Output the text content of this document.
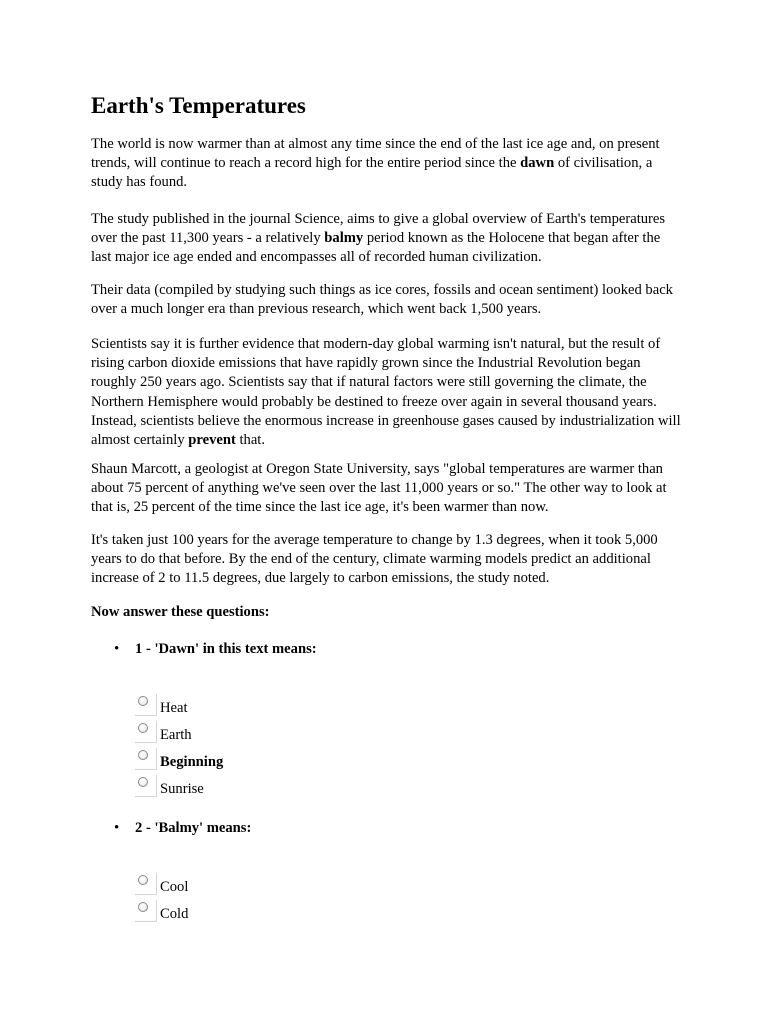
Earth's Temperatures

The world is now warmer than at almost any time since the end of the last ice age and, on present trends, will continue to reach a record high for the entire period since the dawn of civilisation, a study has found.

The study published in the journal Science, aims to give a global overview of Earth's temperatures over the past 11,300 years - a relatively balmy period known as the Holocene that began after the last major ice age ended and encompasses all of recorded human civilization.

Their data (compiled by studying such things as ice cores, fossils and ocean sentiment) looked back over a much longer era than previous research, which went back 1,500 years.

Scientists say it is further evidence that modern-day global warming isn't natural, but the result of rising carbon dioxide emissions that have rapidly grown since the Industrial Revolution began roughly 250 years ago. Scientists say that if natural factors were still governing the climate, the Northern Hemisphere would probably be destined to freeze over again in several thousand years. Instead, scientists believe the enormous increase in greenhouse gases caused by industrialization will almost certainly prevent that.

Shaun Marcott, a geologist at Oregon State University, says "global temperatures are warmer than about 75 percent of anything we've seen over the last 11,000 years or so." The other way to look at that is, 25 percent of the time since the last ice age, it's been warmer than now.

It's taken just 100 years for the average temperature to change by 1.3 degrees, when it took 5,000 years to do that before. By the end of the century, climate warming models predict an additional increase of 2 to 11.5 degrees, due largely to carbon emissions, the study noted.

Now answer these questions:

• 1 - 'Dawn' in this text means:
Heat
Earth
Beginning
Sunrise
• 2 - 'Balmy' means:
Cool
Cold
